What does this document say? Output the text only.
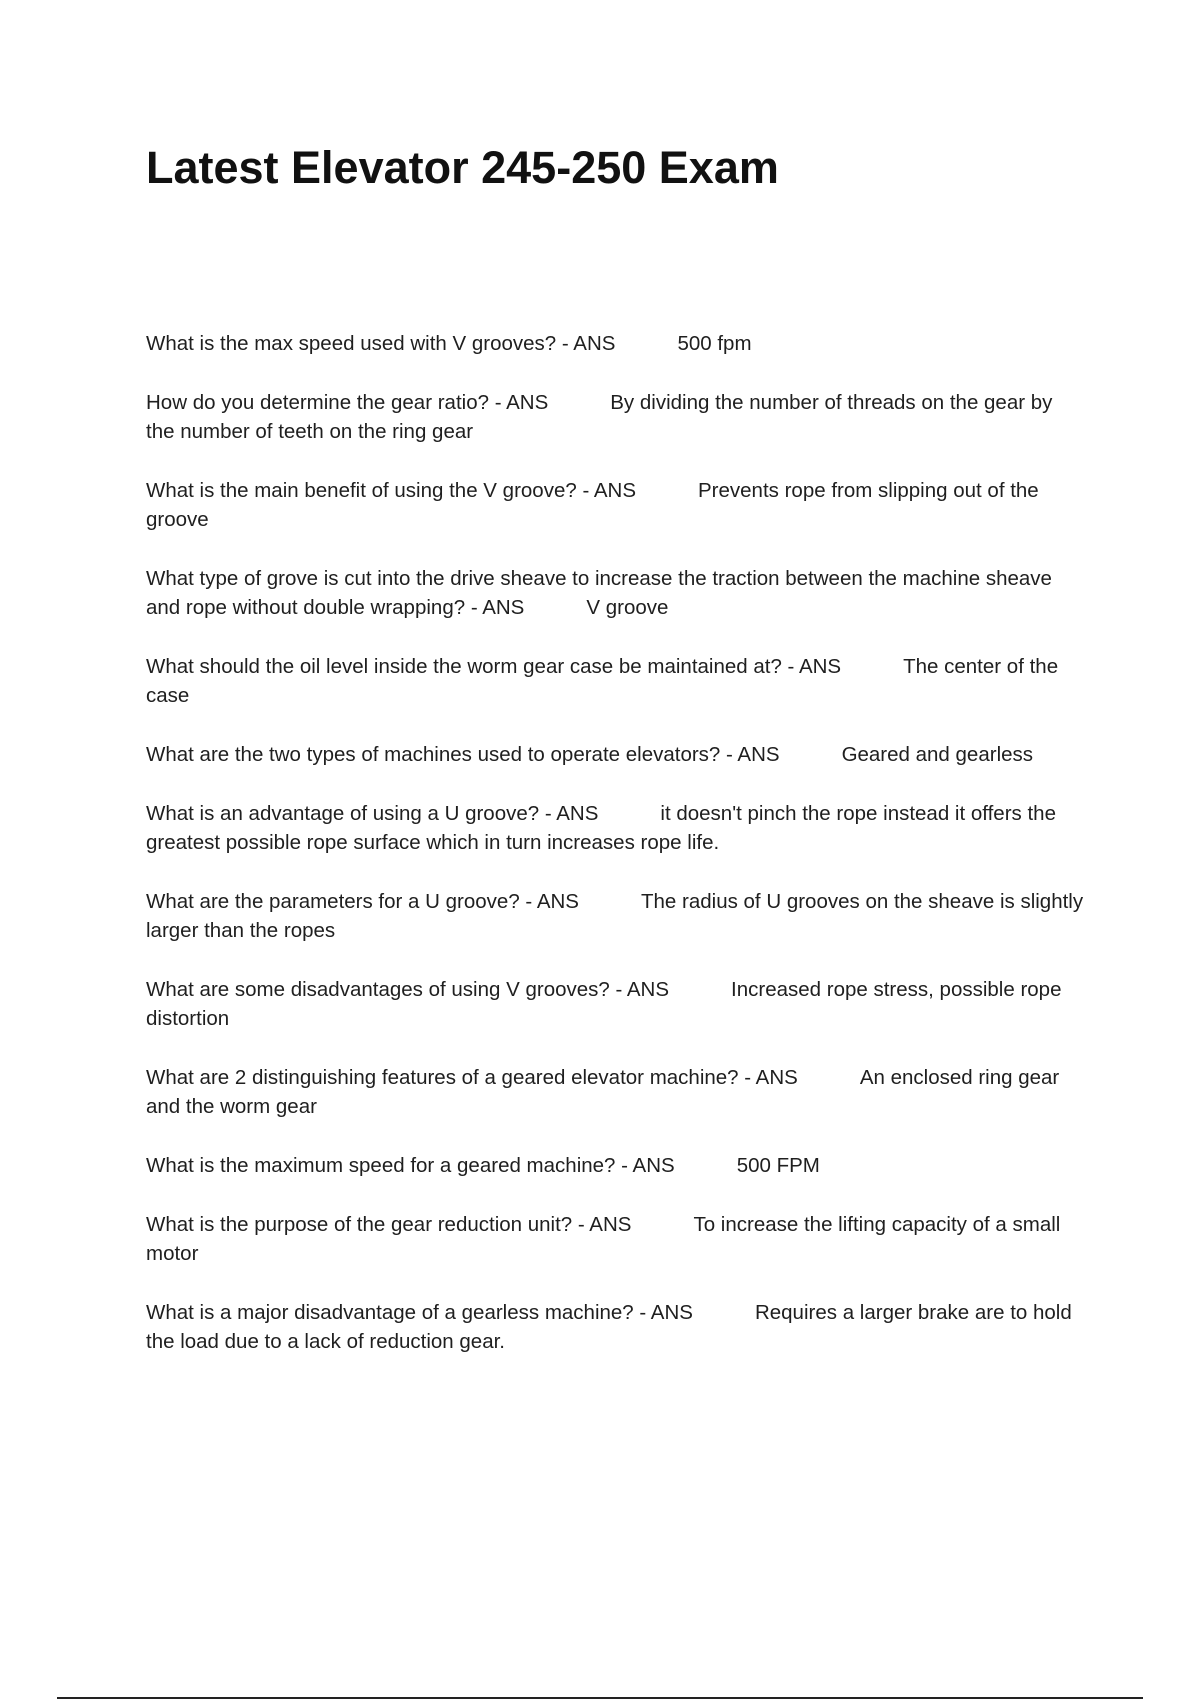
Latest Elevator 245-250 Exam
What is the max speed used with V grooves? - ANS	500 fpm
How do you determine the gear ratio? - ANS	By dividing the number of threads on the gear by the number of teeth on the ring gear
What is the main benefit of using the V groove? - ANS	Prevents rope from slipping out of the groove
What type of grove is cut into the drive sheave to increase the traction between the machine sheave and rope without double wrapping? - ANS	V groove
What should the oil level inside the worm gear case be maintained at? - ANS	The center of the case
What are the two types of machines used to operate elevators? - ANS	Geared and gearless
What is an advantage of using a U groove? - ANS	it doesn't pinch the rope instead it offers the greatest possible rope surface which in turn increases rope life.
What are the parameters for a U groove? - ANS	The radius of U grooves on the sheave is slightly larger than the ropes
What are some disadvantages of using V grooves? - ANS	Increased rope stress, possible rope distortion
What are 2 distinguishing features of a geared elevator machine? - ANS	An enclosed ring gear and the worm gear
What is the maximum speed for a geared machine? - ANS	500 FPM
What is the purpose of the gear reduction unit? - ANS	To increase the lifting capacity of a small motor
What is a major disadvantage of a gearless machine? - ANS	Requires a larger brake are to hold the load due to a lack of reduction gear.
